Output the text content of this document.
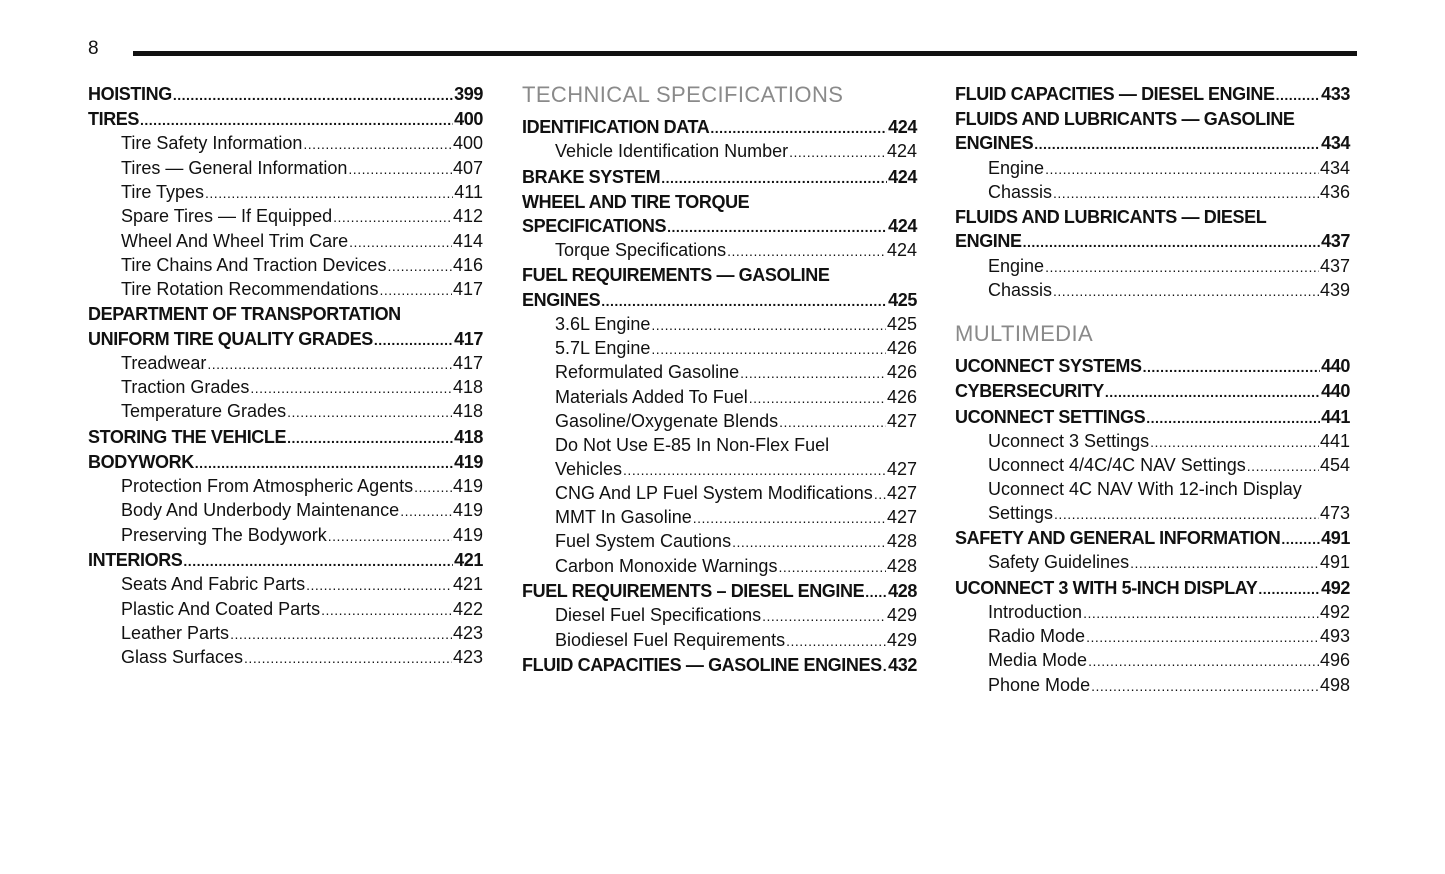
8
HOISTING .....	399
TIRES .....	400
Tire Safety Information .....	400
Tires — General Information .....	407
Tire Types .....	411
Spare Tires — If Equipped .....	412
Wheel And Wheel Trim Care .....	414
Tire Chains And Traction Devices .....	416
Tire Rotation Recommendations .....	417
DEPARTMENT OF TRANSPORTATION
UNIFORM TIRE QUALITY GRADES .....	417
Treadwear .....	417
Traction Grades .....	418
Temperature Grades .....	418
STORING THE VEHICLE .....	418
BODYWORK .....	419
Protection From Atmospheric Agents ..... 419
Body And Underbody Maintenance .....	419
Preserving The Bodywork .....	419
INTERIORS .....	421
Seats And Fabric Parts .....	421
Plastic And Coated Parts .....	422
Leather Parts .....	423
Glass Surfaces .....	423
TECHNICAL SPECIFICATIONS
IDENTIFICATION DATA .....	424
Vehicle Identification Number .....	424
BRAKE SYSTEM .....	424
WHEEL AND TIRE TORQUE
SPECIFICATIONS .....	424
Torque Specifications .....	424
FUEL REQUIREMENTS — GASOLINE
ENGINES .....	425
3.6L Engine .....	425
5.7L Engine .....	426
Reformulated Gasoline .....	426
Materials Added To Fuel .....	426
Gasoline/Oxygenate Blends .....	427
Do Not Use E-85 In Non-Flex Fuel
Vehicles .....	427
CNG And LP Fuel System Modifications ..... 427
MMT In Gasoline .....	427
Fuel System Cautions .....	428
Carbon Monoxide Warnings .....	428
FUEL REQUIREMENTS – DIESEL ENGINE ..... 428
Diesel Fuel Specifications .....	429
Biodiesel Fuel Requirements .....	429
FLUID CAPACITIES — GASOLINE ENGINES ..... 432
FLUID CAPACITIES — DIESEL ENGINE .....	433
FLUIDS AND LUBRICANTS — GASOLINE
ENGINES .....	434
Engine .....	434
Chassis .....	436
FLUIDS AND LUBRICANTS — DIESEL
ENGINE .....	437
Engine .....	437
Chassis .....	439
MULTIMEDIA
UCONNECT SYSTEMS .....	440
CYBERSECURITY .....	440
UCONNECT SETTINGS .....	441
Uconnect 3 Settings .....	441
Uconnect 4/4C/4C NAV Settings .....	454
Uconnect 4C NAV With 12-inch Display
Settings .....	473
SAFETY AND GENERAL INFORMATION ..... 491
Safety Guidelines .....	491
UCONNECT 3 WITH 5-INCH DISPLAY .....	492
Introduction .....	492
Radio Mode .....	493
Media Mode .....	496
Phone Mode .....	498
